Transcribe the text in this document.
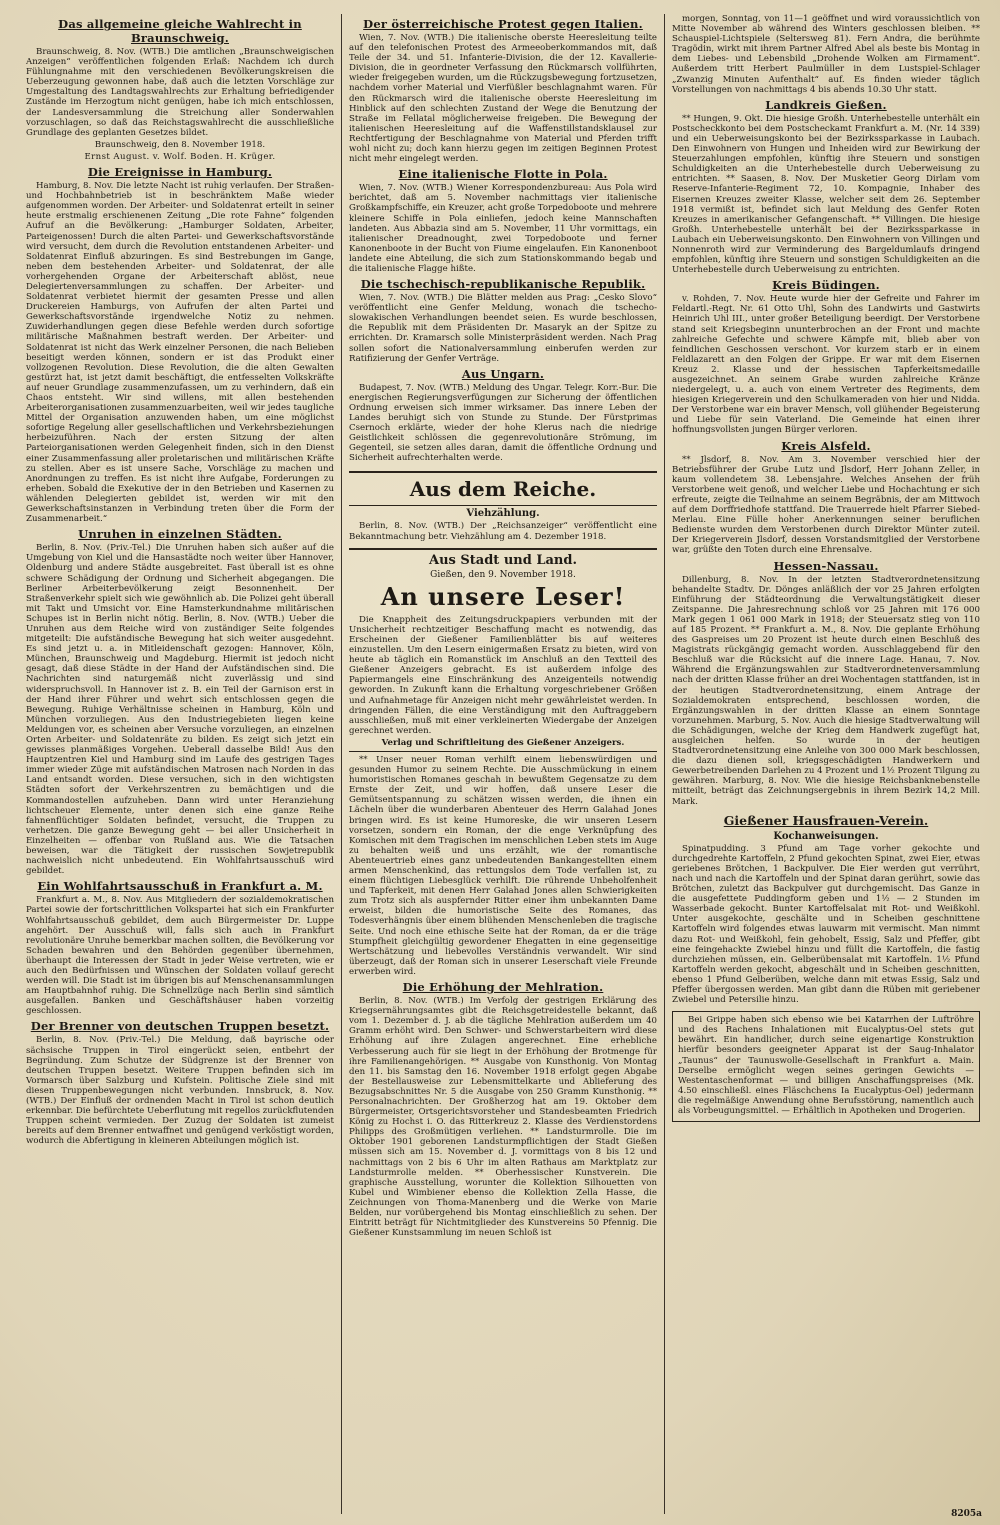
Das allgemeine gleiche Wahlrecht in Braunschweig.

Braunschweig, 8. Nov. (WTB.) Die amtlichen „Braunschweigischen Anzeigen“ veröffentlichen folgenden Erlaß: Nachdem ich durch Fühlungnahme mit den verschiedenen Bevölkerungskreisen die Ueberzeugung gewonnen habe, daß auch die letzten Vorschläge zur Umgestaltung des Landtagswahlrechts zur Erhaltung befriedigender Zustände im Herzogtum nicht genügen, habe ich mich entschlossen, der Landesversammlung die Streichung aller Sonderwahlen vorzuschlagen, so daß das Reichstagswahlrecht die ausschließliche Grundlage des geplanten Gesetzes bildet.

Braunschweig, den 8. November 1918.

Ernst August. v. Wolf. Boden. H. Krüger.

Die Ereignisse in Hamburg.

Hamburg, 8. Nov. Die letzte Nacht ist ruhig verlaufen. Der Straßen- und Hochbahnbetrieb ist in beschränktem Maße wieder aufgenommen worden. Der Arbeiter- und Soldatenrat erteilt in seiner heute erstmalig erschienenen Zeitung „Die rote Fahne“ folgenden Aufruf an die Bevölkerung: „Hamburger Soldaten, Arbeiter, Parteigenossen! Durch die alten Partei- und Gewerkschaftsvorstände wird versucht, dem durch die Revolution entstandenen Arbeiter- und Soldatenrat Einfluß abzuringen. Es sind Bestrebungen im Gange, neben dem bestehenden Arbeiter- und Soldatenrat, der alle vorhergehenden Organe der Arbeiterschaft ablöst, neue Delegiertenversammlungen zu schaffen. Der Arbeiter- und Soldatenrat verbietet hiermit der gesamten Presse und allen Druckereien Hamburgs, von Aufrufen der alten Partei und Gewerkschaftsvorstände irgendwelche Notiz zu nehmen. Zuwiderhandlungen gegen diese Befehle werden durch sofortige militärische Maßnahmen bestraft werden. Der Arbeiter- und Soldatenrat ist nicht das Werk einzelner Personen, die nach Belieben beseitigt werden können, sondern er ist das Produkt einer vollzogenen Revolution. Diese Revolution, die die alten Gewalten gestürzt hat, ist jetzt damit beschäftigt, die entfesselten Volkskräfte auf neuer Grundlage zusammenzufassen, um zu verhindern, daß ein Chaos entsteht. Wir sind willens, mit allen bestehenden Arbeiterorganisationen zusammenzuarbeiten, weil wir jedes taugliche Mittel der Organisation anzuwenden haben, um eine möglichst sofortige Regelung aller gesellschaftlichen und Verkehrsbeziehungen herbeizuführen. Nach der ersten Sitzung der alten Parteiorganisationen werden Gelegenheit finden, sich in den Dienst einer Zusammenfassung aller proletarischen und militärischen Kräfte zu stellen. Aber es ist unsere Sache, Vorschläge zu machen und Anordnungen zu treffen. Es ist nicht ihre Aufgabe, Forderungen zu erheben. Sobald die Exekutive der in den Betrieben und Kasernen zu wählenden Delegierten gebildet ist, werden wir mit den Gewerkschaftsinstanzen in Verbindung treten über die Form der Zusammenarbeit.“

Unruhen in einzelnen Städten.

Berlin, 8. Nov. (Priv.-Tel.) Die Unruhen haben sich außer auf die Umgebung von Kiel und die Hansastädte noch weiter über Hannover, Oldenburg und andere Städte ausgebreitet. Fast überall ist es ohne schwere Schädigung der Ordnung und Sicherheit abgegangen. Die Berliner Arbeiterbevölkerung zeigt Besonnenheit. Der Straßenverkehr spielt sich wie gewöhnlich ab. Die Polizei geht überall mit Takt und Umsicht vor. Eine Hamsterkundnahme militärischen Schupes ist in Berlin nicht nötig. Berlin, 8. Nov. (WTB.) Ueber die Unruhen aus dem Reiche wird von zuständiger Seite folgendes mitgeteilt: Die aufständische Bewegung hat sich weiter ausgedehnt. Es sind jetzt u. a. in Mitleidenschaft gezogen: Hannover, Köln, München, Braunschweig und Magdeburg. Hiermit ist jedoch nicht gesagt, daß diese Städte in der Hand der Aufständischen sind. Die Nachrichten sind naturgemäß nicht zuverlässig und sind widerspruchsvoll. In Hannover ist z. B. ein Teil der Garnison erst in der Hand ihrer Führer und wehrt sich entschlossen gegen die Bewegung. Ruhige Verhältnisse scheinen in Hamburg, Köln und München vorzuliegen. Aus den Industriegebieten liegen keine Meldungen vor, es scheinen aber Versuche vorzuliegen, an einzelnen Orten Arbeiter- und Soldatenräte zu bilden. Es zeigt sich jetzt ein gewisses planmäßiges Vorgehen. Ueberall dasselbe Bild! Aus den Hauptzentren Kiel und Hamburg sind im Laufe des gestrigen Tages immer wieder Züge mit aufständischen Matrosen nach Norden in das Land entsandt worden. Diese versuchen, sich in den wichtigsten Städten sofort der Verkehrszentren zu bemächtigen und die Kommandostellen aufzuheben. Dann wird unter Heranziehung lichtscheuer Elemente, unter denen sich eine ganze Reihe fahnenflüchtiger Soldaten befindet, versucht, die Truppen zu verhetzen. Die ganze Bewegung geht — bei aller Unsicherheit in Einzelheiten — offenbar von Rußland aus. Wie die Tatsachen beweisen, war die Tätigkeit der russischen Sowjetrepublik nachweislich nicht unbedeutend. Ein Wohlfahrtsausschuß wird gebildet.

Ein Wohlfahrtsausschuß in Frankfurt a. M.

Frankfurt a. M., 8. Nov. Aus Mitgliedern der sozialdemokratischen Partei sowie der fortschrittlichen Volkspartei hat sich ein Frankfurter Wohlfahrtsausschuß gebildet, dem auch Bürgermeister Dr. Luppe angehört. Der Ausschuß will, falls sich auch in Frankfurt revolutionäre Unruhe bemerkbar machen sollten, die Bevölkerung vor Schaden bewahren und den Behörden gegenüber übernehmen, überhaupt die Interessen der Stadt in jeder Weise vertreten, wie er auch den Bedürfnissen und Wünschen der Soldaten vollauf gerecht werden will. Die Stadt ist im übrigen bis auf Menschenansammlungen am Hauptbahnhof ruhig. Die Schnellzüge nach Berlin sind sämtlich ausgefallen. Banken und Geschäftshäuser haben vorzeitig geschlossen.

Der Brenner von deutschen Truppen besetzt.

Berlin, 8. Nov. (Priv.-Tel.) Die Meldung, daß bayrische oder sächsische Truppen in Tirol eingerückt seien, entbehrt der Begründung. Zum Schutze der Südgrenze ist der Brenner von deutschen Truppen besetzt. Weitere Truppen befinden sich im Vormarsch über Salzburg und Kufstein. Politische Ziele sind mit diesen Truppenbewegungen nicht verbunden. Innsbruck, 8. Nov. (WTB.) Der Einfluß der ordnenden Macht in Tirol ist schon deutlich erkennbar. Die befürchtete Ueberflutung mit regellos zurückflutenden Truppen scheint vermieden. Der Zuzug der Soldaten ist zumeist bereits auf dem Brenner entwaffnet und genügend verköstigt worden, wodurch die Abfertigung in kleineren Abteilungen möglich ist.

Der österreichische Protest gegen Italien.

Wien, 7. Nov. (WTB.) Die italienische oberste Heeresleitung teilte auf den telefonischen Protest des Armeeoberkommandos mit, daß Teile der 34. und 51. Infanterie-Division, die der 12. Kavallerie-Division, die in geordneter Verfassung den Rückmarsch vollführten, wieder freigegeben wurden, um die Rückzugsbewegung fortzusetzen, nachdem vorher Material und Vierfüßler beschlagnahmt waren. Für den Rückmarsch wird die italienische oberste Heeresleitung im Hinblick auf den schlechten Zustand der Wege die Benutzung der Straße im Fellatal möglicherweise freigeben. Die Bewegung der italienischen Heeresleitung auf die Waffenstillstandsklausel zur Rechtfertigung der Beschlagnahme von Material und Pferden trifft wohl nicht zu; doch kann hierzu gegen im zeitigen Beginnen Protest nicht mehr eingelegt werden.

Eine italienische Flotte in Pola.

Wien, 7. Nov. (WTB.) Wiener Korrespondenzbureau: Aus Pola wird berichtet, daß am 5. November nachmittags vier italienische Großkampfschiffe, ein Kreuzer, acht große Torpedoboote und mehrere kleinere Schiffe in Pola einliefen, jedoch keine Mannschaften landeten. Aus Abbazia sind am 5. November, 11 Uhr vormittags, ein italienischer Dreadnought, zwei Torpedoboote und ferner Kanonenboote in der Bucht von Fiume eingelaufen. Ein Kanonenboot landete eine Abteilung, die sich zum Stationskommando begab und die italienische Flagge hißte.

Die tschechisch-republikanische Republik.

Wien, 7. Nov. (WTB.) Die Blätter melden aus Prag: „Cesko Slovo“ veröffentlicht eine Genfer Meldung, wonach die tschecho-slowakischen Verhandlungen beendet seien. Es wurde beschlossen, die Republik mit dem Präsidenten Dr. Masaryk an der Spitze zu errichten. Dr. Kramarsch solle Ministerpräsident werden. Nach Prag sollen sofort die Nationalversammlung einberufen werden zur Ratifizierung der Genfer Verträge.

Aus Ungarn.

Budapest, 7. Nov. (WTB.) Meldung des Ungar. Telegr. Korr.-Bur. Die energischen Regierungsverfügungen zur Sicherung der öffentlichen Ordnung erweisen sich immer wirksamer. Das innere Leben der Landes beruhigt sich von Stunde zu Stunde. Der Fürstprimas Csernoch erklärte, wieder der hohe Klerus nach die niedrige Geistlichkeit schlössen die gegenrevolutionäre Strömung, im Gegenteil, sie setzen alles daran, damit die öffentliche Ordnung und Sicherheit aufrechterhalten werde.

Aus dem Reiche.
Viehzählung.

Berlin, 8. Nov. (WTB.) Der „Reichsanzeiger“ veröffentlicht eine Bekanntmachung betr. Viehzählung am 4. Dezember 1918.

Aus Stadt und Land.

Gießen, den 9. November 1918.

An unsere Leser!

Die Knappheit des Zeitungsdruckpapiers verbunden mit der Unsicherheit rechtzeitiger Beschaffung macht es notwendig, das Erscheinen der Gießener Familienblätter bis auf weiteres einzustellen. Um den Lesern einigermaßen Ersatz zu bieten, wird von heute ab täglich ein Romanstück im Anschluß an den Textteil des Gießener Anzeigers gebracht. Es ist außerdem infolge des Papiermangels eine Einschränkung des Anzeigenteils notwendig geworden. In Zukunft kann die Erhaltung vorgeschriebener Größen und Aufnahmetage für Anzeigen nicht mehr gewährleistet werden. In dringenden Fällen, die eine Verständigung mit den Auftraggebern ausschließen, muß mit einer verkleinerten Wiedergabe der Anzeigen gerechnet werden.

Verlag und Schriftleitung des Gießener Anzeigers.

** Unser neuer Roman verhilft einem liebenswürdigen und gesunden Humor zu seinem Rechte. Die Ausschmückung in einem humoristischen Romanes geschah in bewußtem Gegensatze zu dem Ernste der Zeit, und wir hoffen, daß unsere Leser die Gemütsentspannung zu schätzen wissen werden, die ihnen ein Lächeln über die wunderbaren Abenteuer des Herrn Galahad Jones bringen wird. Es ist keine Humoreske, die wir unseren Lesern vorsetzen, sondern ein Roman, der die enge Verknüpfung des Komischen mit dem Tragischen im menschlichen Leben stets im Auge zu behalten weiß und uns erzählt, wie der romantische Abenteuertrieb eines ganz unbedeutenden Bankangestellten einem armen Menschenkind, das rettungslos dem Tode verfallen ist, zu einem flüchtigen Liebesglück verhilft. Die rührende Unbeholfenheit und Tapferkeit, mit denen Herr Galahad Jones allen Schwierigkeiten zum Trotz sich als auspfernder Ritter einer ihm unbekannten Dame erweist, bilden die humoristische Seite des Romanes, das Todesverhängnis über einem blühenden Menschenleben die tragische Seite. Und noch eine ethische Seite hat der Roman, da er die träge Stumpfheit gleichgültig gewordener Ehegatten in eine gegenseitige Wertschätzung und liebevolles Verständnis verwandelt. Wir sind überzeugt, daß der Roman sich in unserer Leserschaft viele Freunde erwerben wird.

Die Erhöhung der Mehlration.

Berlin, 8. Nov. (WTB.) Im Verfolg der gestrigen Erklärung des Kriegsernährungsamtes gibt die Reichsgetreidestelle bekannt, daß vom 1. Dezember d. J. ab die tägliche Mehlration außerdem um 40 Gramm erhöht wird. Den Schwer- und Schwerstarbeitern wird diese Erhöhung auf ihre Zulagen angerechnet. Eine erhebliche Verbesserung auch für sie liegt in der Erhöhung der Brotmenge für ihre Familienangehörigen. ** Ausgabe von Kunsthonig. Von Montag den 11. bis Samstag den 16. November 1918 erfolgt gegen Abgabe der Bestellausweise zur Lebensmittelkarte und Ablieferung des Bezugsabschnittes Nr. 5 die Ausgabe von 250 Gramm Kunsthonig. ** Personalnachrichten. Der Großherzog hat am 19. Oktober dem Bürgermeister, Ortsgerichtsvorsteher und Standesbeamten Friedrich König zu Hochst i. O. das Ritterkreuz 2. Klasse des Verdienstordens Philipps des Großmütigen verliehen. ** Landsturmrolle. Die im Oktober 1901 geborenen Landsturmpflichtigen der Stadt Gießen müssen sich am 15. November d. J. vormittags von 8 bis 12 und nachmittags von 2 bis 6 Uhr im alten Rathaus am Marktplatz zur Landsturmrolle melden. ** Oberhessischer Kunstverein. Die graphische Ausstellung, worunter die Kollektion Silhouetten von Kubel und Wimbiener ebenso die Kollektion Zella Hasse, die Zeichnungen von Thoma-Manenberg und die Werke von Marie Belden, nur vorübergehend bis Montag einschließlich zu sehen. Der Eintritt beträgt für Nichtmitglieder des Kunstvereins 50 Pfennig. Die Gießener Kunstsammlung im neuen Schloß ist

morgen, Sonntag, von 11—1 geöffnet und wird voraussichtlich von Mitte November ab während des Winters geschlossen bleiben. ** Schauspiel-Lichtspiele (Seltersweg 81). Fern Andra, die berühmte Tragödin, wirkt mit ihrem Partner Alfred Abel als beste bis Montag in dem Liebes- und Lebensbild „Drohende Wolken am Firmament“. Außerdem tritt Herbert Paulmüller in dem Lustspiel-Schlager „Zwanzig Minuten Aufenthalt“ auf. Es finden wieder täglich Vorstellungen von nachmittags 4 bis abends 10.30 Uhr statt.

Landkreis Gießen.

** Hungen, 9. Okt. Die hiesige Großh. Unterhebestelle unterhält ein Postscheckkonto bei dem Postscheckamt Frankfurt a. M. (Nr. 14 339) und ein Ueberweisungskonto bei der Bezirkssparkasse in Laubach. Den Einwohnern von Hungen und Inheiden wird zur Bewirkung der Steuerzahlungen empfohlen, künftig ihre Steuern und sonstigen Schuldigkeiten an die Unterhebestelle durch Ueberweisung zu entrichten. ** Saasen, 8. Nov. Der Musketier Georg Dirlam vom Reserve-Infanterie-Regiment 72, 10. Kompagnie, Inhaber des Eisernen Kreuzes zweiter Klasse, welcher seit dem 26. September 1918 vermißt ist, befindet sich laut Meldung des Genfer Roten Kreuzes in amerikanischer Gefangenschaft. ** Villingen. Die hiesige Großh. Unterhebestelle unterhält bei der Bezirkssparkasse in Laubach ein Ueberweisungskonto. Den Einwohnern von Villingen und Nonnenroth wird zur Verminderung des Bargeldumlaufs dringend empfohlen, künftig ihre Steuern und sonstigen Schuldigkeiten an die Unterhebestelle durch Ueberweisung zu entrichten.

Kreis Büdingen.

v. Rohden, 7. Nov. Heute wurde hier der Gefreite und Fahrer im Feldartl.-Regt. Nr. 61 Otto Uhl, Sohn des Landwirts und Gastwirts Heinrich Uhl III., unter großer Beteiligung beerdigt. Der Verstorbene stand seit Kriegsbeginn ununterbrochen an der Front und machte zahlreiche Gefechte und schwere Kämpfe mit, blieb aber von feindlichen Geschossen verschont. Vor kurzem starb er in einem Feldlazarett an den Folgen der Grippe. Er war mit dem Eisernen Kreuz 2. Klasse und der hessischen Tapferkeitsmedaille ausgezeichnet. An seinem Grabe wurden zahlreiche Kränze niedergelegt, u. a. auch von einem Vertreter des Regiments, dem hiesigen Kriegerverein und den Schulkameraden von hier und Nidda. Der Verstorbene war ein braver Mensch, voll glühender Begeisterung und Liebe für sein Vaterland. Die Gemeinde hat einen ihrer hoffnungsvollsten jungen Bürger verloren.

Kreis Alsfeld.

** Jlsdorf, 8. Nov. Am 3. November verschied hier der Betriebsführer der Grube Lutz und Jlsdorf, Herr Johann Zeller, in kaum vollendetem 38. Lebensjahre. Welches Ansehen der früh Verstorbene weit genoß, und welcher Liebe und Hochachtung er sich erfreute, zeigte die Teilnahme an seinem Begräbnis, der am Mittwoch auf dem Dorffriedhofe stattfand. Die Trauerrede hielt Pfarrer Siebed-Merlau. Eine Fülle hoher Anerkennungen seiner beruflichen Bedienste wurden dem Verstorbenen durch Direktor Münter zuteil. Der Kriegerverein Jlsdorf, dessen Vorstandsmitglied der Verstorbene war, grüßte den Toten durch eine Ehrensalve.

Hessen-Nassau.

Dillenburg, 8. Nov. In der letzten Stadtverordnetensitzung behandelte Stadtv. Dr. Dönges anläßlich der vor 25 Jahren erfolgten Einführung der Städteordnung die Verwaltungstätigkeit dieser Zeitspanne. Die Jahresrechnung schloß vor 25 Jahren mit 176 000 Mark gegen 1 061 000 Mark in 1918; der Steuersatz stieg von 110 auf 185 Prozent. ** Frankfurt a. M., 8. Nov. Die geplante Erhöhung des Gaspreises um 20 Prozent ist heute durch einen Beschluß des Magistrats rückgängig gemacht worden. Ausschlaggebend für den Beschluß war die Rücksicht auf die innere Lage. Hanau, 7. Nov. Während die Ergänzungswahlen zur Stadtverordnetenversammlung nach der dritten Klasse früher an drei Wochentagen stattfanden, ist in der heutigen Stadtverordnetensitzung, einem Antrage der Sozialdemokraten entsprechend, beschlossen worden, die Ergänzungswahlen in der dritten Klasse an einem Sonntage vorzunehmen. Marburg, 5. Nov. Auch die hiesige Stadtverwaltung will die Schädigungen, welche der Krieg dem Handwerk zugefügt hat, ausgleichen helfen. So wurde in der heutigen Stadtverordnetensitzung eine Anleihe von 300 000 Mark beschlossen, die dazu dienen soll, kriegsgeschädigten Handwerkern und Gewerbetreibenden Darlehen zu 4 Prozent und 1½ Prozent Tilgung zu gewähren. Marburg, 8. Nov. Wie die hiesige Reichsbanknebenstelle mitteilt, beträgt das Zeichnungsergebnis in ihrem Bezirk 14,2 Mill. Mark.

Gießener Hausfrauen-Verein.
Kochanweisungen.

Spinatpudding. 3 Pfund am Tage vorher gekochte und durchgedrehte Kartoffeln, 2 Pfund gekochten Spinat, zwei Eier, etwas geriebenes Brötchen, 1 Backpulver. Die Eier werden gut verrührt, nach und nach die Kartoffeln und der Spinat daran gerührt, sowie das Brötchen, zuletzt das Backpulver gut durchgemischt. Das Ganze in die ausgefettete Puddingform geben und 1½ — 2 Stunden im Wasserbade gekocht. Bunter Kartoffelsalat mit Rot- und Weißkohl. Unter ausgekochte, geschälte und in Scheiben geschnittene Kartoffeln wird folgendes etwas lauwarm mit vermischt. Man nimmt dazu Rot- und Weißkohl, fein gehobelt, Essig, Salz und Pfeffer, gibt eine feingehackte Zwiebel hinzu und füllt die Kartoffeln, die fastig durchziehen müssen, ein. Gelberübensalat mit Kartoffeln. 1½ Pfund Kartoffeln werden gekocht, abgeschält und in Scheiben geschnitten, ebenso 1 Pfund Gelberüben, welche dann mit etwas Essig, Salz und Pfeffer übergossen werden. Man gibt dann die Rüben mit geriebener Zwiebel und Petersilie hinzu.

Bei Grippe haben sich ebenso wie bei Katarrhen der Luftröhre und des Rachens Inhalationen mit Eucalyptus-Oel stets gut bewährt. Ein handlicher, durch seine eigenartige Konstruktion hierfür besonders geeigneter Apparat ist der Saug-Inhalator „Taunus“ der Taunuswolle-Gesellschaft in Frankfurt a. Main. Derselbe ermöglicht wegen seines geringen Gewichts — Westentaschenformat — und billigen Anschaffungspreises (Mk. 4.50 einschließl. eines Fläschchens Ia Eucalyptus-Oel) jedermann die regelmäßige Anwendung ohne Berufsstörung, namentlich auch als Vorbeugungsmittel. — Erhältlich in Apotheken und Drogerien.

8205a
